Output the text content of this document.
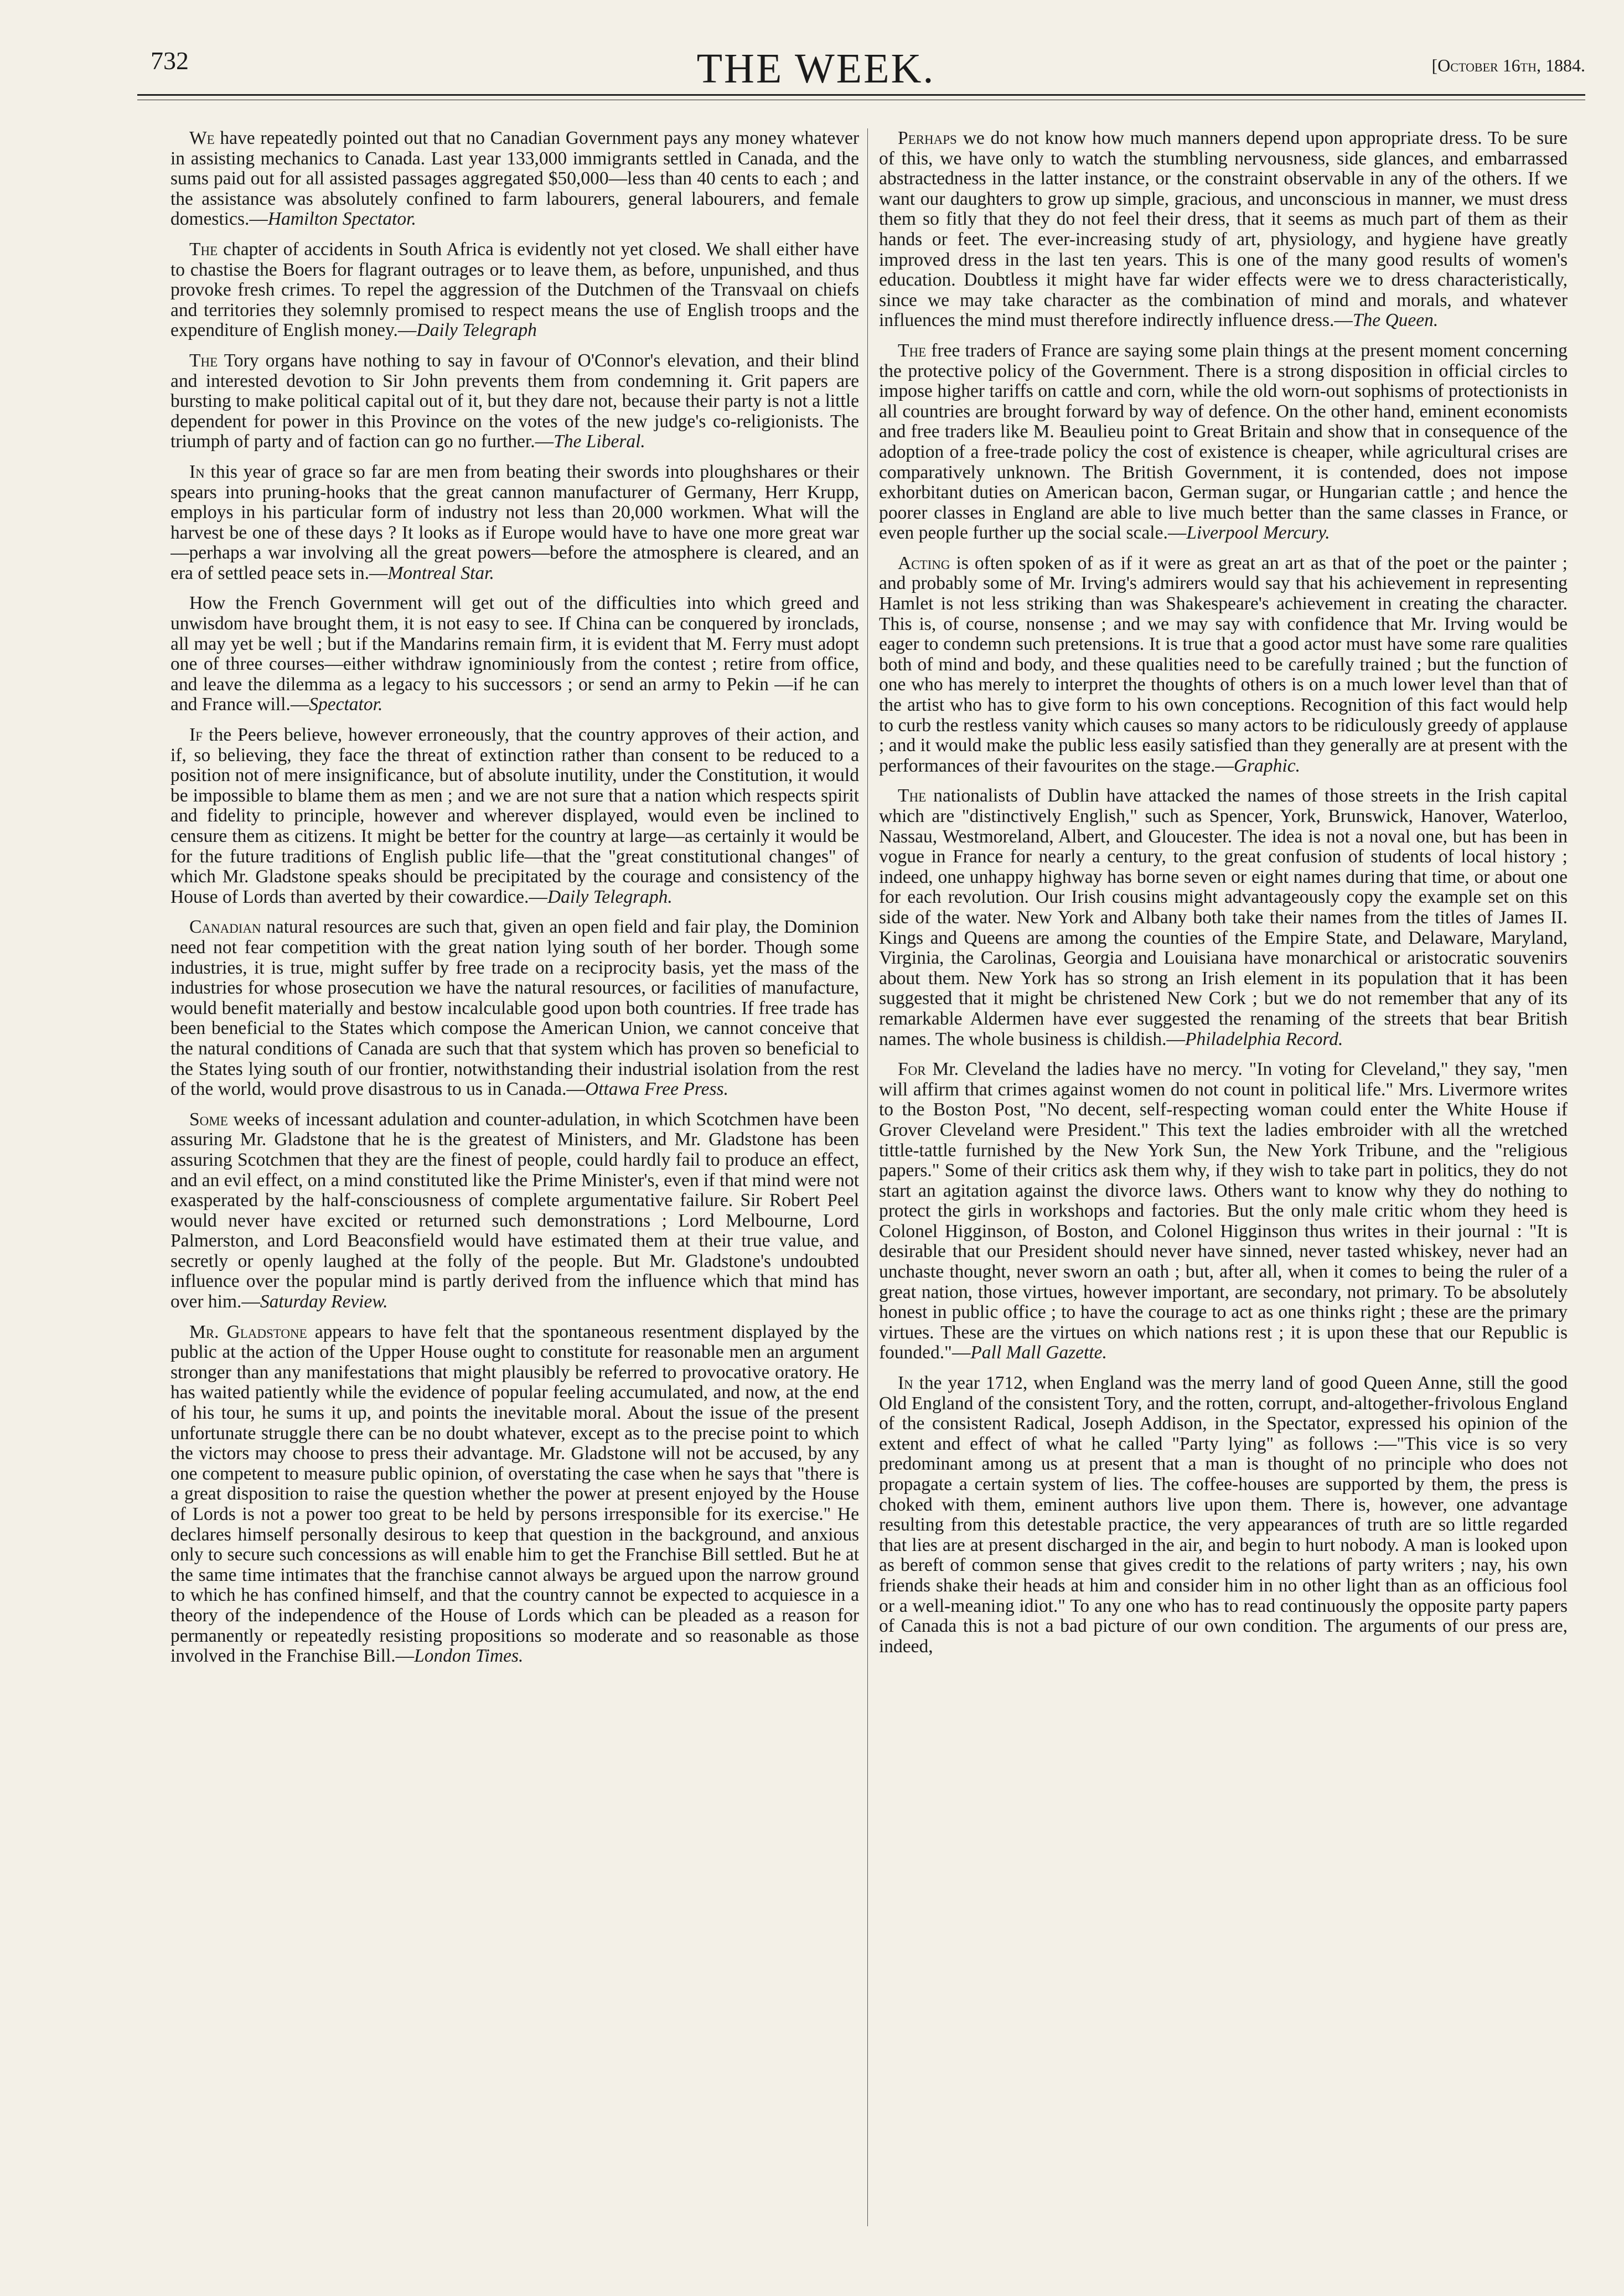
732	THE WEEK.	[October 16th, 1884.

We have repeatedly pointed out that no Canadian Government pays any money whatever in assisting mechanics to Canada. Last year 133,000 immigrants settled in Canada, and the sums paid out for all assisted passages aggregated $50,000—less than 40 cents to each ; and the assistance was absolutely confined to farm labourers, general labourers, and female domestics.—Hamilton Spectator.

The chapter of accidents in South Africa is evidently not yet closed. We shall either have to chastise the Boers for flagrant outrages or to leave them, as before, unpunished, and thus provoke fresh crimes. To repel the aggression of the Dutchmen of the Transvaal on chiefs and territories they solemnly promised to respect means the use of English troops and the expenditure of English money.—Daily Telegraph

The Tory organs have nothing to say in favour of O'Connor's elevation, and their blind and interested devotion to Sir John prevents them from condemning it. Grit papers are bursting to make political capital out of it, but they dare not, because their party is not a little dependent for power in this Province on the votes of the new judge's co-religionists. The triumph of party and of faction can go no further.—The Liberal.

In this year of grace so far are men from beating their swords into ploughshares or their spears into pruning-hooks that the great cannon manufacturer of Germany, Herr Krupp, employs in his particular form of industry not less than 20,000 workmen. What will the harvest be one of these days ? It looks as if Europe would have to have one more great war —perhaps a war involving all the great powers—before the atmosphere is cleared, and an era of settled peace sets in.—Montreal Star.

How the French Government will get out of the difficulties into which greed and unwisdom have brought them, it is not easy to see. If China can be conquered by ironclads, all may yet be well ; but if the Mandarins remain firm, it is evident that M. Ferry must adopt one of three courses—either withdraw ignominiously from the contest ; retire from office, and leave the dilemma as a legacy to his successors ; or send an army to Pekin —if he can and France will.—Spectator.

If the Peers believe, however erroneously, that the country approves of their action, and if, so believing, they face the threat of extinction rather than consent to be reduced to a position not of mere insignificance, but of absolute inutility, under the Constitution, it would be impossible to blame them as men ; and we are not sure that a nation which respects spirit and fidelity to principle, however and wherever displayed, would even be inclined to censure them as citizens. It might be better for the country at large—as certainly it would be for the future traditions of English public life—that the "great constitutional changes" of which Mr. Gladstone speaks should be precipitated by the courage and consistency of the House of Lords than averted by their cowardice.—Daily Telegraph.

Canadian natural resources are such that, given an open field and fair play, the Dominion need not fear competition with the great nation lying south of her border. Though some industries, it is true, might suffer by free trade on a reciprocity basis, yet the mass of the industries for whose prosecution we have the natural resources, or facilities of manufacture, would benefit materially and bestow incalculable good upon both countries. If free trade has been beneficial to the States which compose the American Union, we cannot conceive that the natural conditions of Canada are such that that system which has proven so beneficial to the States lying south of our frontier, notwithstanding their industrial isolation from the rest of the world, would prove disastrous to us in Canada.—Ottawa Free Press.

Some weeks of incessant adulation and counter-adulation, in which Scotchmen have been assuring Mr. Gladstone that he is the greatest of Ministers, and Mr. Gladstone has been assuring Scotchmen that they are the finest of people, could hardly fail to produce an effect, and an evil effect, on a mind constituted like the Prime Minister's, even if that mind were not exasperated by the half-consciousness of complete argumentative failure. Sir Robert Peel would never have excited or returned such demonstrations ; Lord Melbourne, Lord Palmerston, and Lord Beaconsfield would have estimated them at their true value, and secretly or openly laughed at the folly of the people. But Mr. Gladstone's undoubted influence over the popular mind is partly derived from the influence which that mind has over him.—Saturday Review.

Mr. Gladstone appears to have felt that the spontaneous resentment displayed by the public at the action of the Upper House ought to constitute for reasonable men an argument stronger than any manifestations that might plausibly be referred to provocative oratory. He has waited patiently while the evidence of popular feeling accumulated, and now, at the end of his tour, he sums it up, and points the inevitable moral. About the issue of the present unfortunate struggle there can be no doubt whatever, except as to the precise point to which the victors may choose to press their advantage. Mr. Gladstone will not be accused, by any one competent to measure public opinion, of overstating the case when he says that "there is a great disposition to raise the question whether the power at present enjoyed by the House of Lords is not a power too great to be held by persons irresponsible for its exercise." He declares himself personally desirous to keep that question in the background, and anxious only to secure such concessions as will enable him to get the Franchise Bill settled. But he at the same time intimates that the franchise cannot always be argued upon the narrow ground to which he has confined himself, and that the country cannot be expected to acquiesce in a theory of the independence of the House of Lords which can be pleaded as a reason for permanently or repeatedly resisting propositions so moderate and so reasonable as those involved in the Franchise Bill.—London Times.

Perhaps we do not know how much manners depend upon appropriate dress. To be sure of this, we have only to watch the stumbling nervousness, side glances, and embarrassed abstractedness in the latter instance, or the constraint observable in any of the others. If we want our daughters to grow up simple, gracious, and unconscious in manner, we must dress them so fitly that they do not feel their dress, that it seems as much part of them as their hands or feet. The ever-increasing study of art, physiology, and hygiene have greatly improved dress in the last ten years. This is one of the many good results of women's education. Doubtless it might have far wider effects were we to dress characteristically, since we may take character as the combination of mind and morals, and whatever influences the mind must therefore indirectly influence dress.—The Queen.

The free traders of France are saying some plain things at the present moment concerning the protective policy of the Government. There is a strong disposition in official circles to impose higher tariffs on cattle and corn, while the old worn-out sophisms of protectionists in all countries are brought forward by way of defence. On the other hand, eminent economists and free traders like M. Beaulieu point to Great Britain and show that in consequence of the adoption of a free-trade policy the cost of existence is cheaper, while agricultural crises are comparatively unknown. The British Government, it is contended, does not impose exhorbitant duties on American bacon, German sugar, or Hungarian cattle ; and hence the poorer classes in England are able to live much better than the same classes in France, or even people further up the social scale.—Liverpool Mercury.

Acting is often spoken of as if it were as great an art as that of the poet or the painter ; and probably some of Mr. Irving's admirers would say that his achievement in representing Hamlet is not less striking than was Shakespeare's achievement in creating the character. This is, of course, nonsense ; and we may say with confidence that Mr. Irving would be eager to condemn such pretensions. It is true that a good actor must have some rare qualities both of mind and body, and these qualities need to be carefully trained ; but the function of one who has merely to interpret the thoughts of others is on a much lower level than that of the artist who has to give form to his own conceptions. Recognition of this fact would help to curb the restless vanity which causes so many actors to be ridiculously greedy of applause ; and it would make the public less easily satisfied than they generally are at present with the performances of their favourites on the stage.—Graphic.

The nationalists of Dublin have attacked the names of those streets in the Irish capital which are "distinctively English," such as Spencer, York, Brunswick, Hanover, Waterloo, Nassau, Westmoreland, Albert, and Gloucester. The idea is not a noval one, but has been in vogue in France for nearly a century, to the great confusion of students of local history ; indeed, one unhappy highway has borne seven or eight names during that time, or about one for each revolution. Our Irish cousins might advantageously copy the example set on this side of the water. New York and Albany both take their names from the titles of James II. Kings and Queens are among the counties of the Empire State, and Delaware, Maryland, Virginia, the Carolinas, Georgia and Louisiana have monarchical or aristocratic souvenirs about them. New York has so strong an Irish element in its population that it has been suggested that it might be christened New Cork ; but we do not remember that any of its remarkable Aldermen have ever suggested the renaming of the streets that bear British names. The whole business is childish.—Philadelphia Record.

For Mr. Cleveland the ladies have no mercy. "In voting for Cleveland," they say, "men will affirm that crimes against women do not count in political life." Mrs. Livermore writes to the Boston Post, "No decent, self-respecting woman could enter the White House if Grover Cleveland were President." This text the ladies embroider with all the wretched tittle-tattle furnished by the New York Sun, the New York Tribune, and the "religious papers." Some of their critics ask them why, if they wish to take part in politics, they do not start an agitation against the divorce laws. Others want to know why they do nothing to protect the girls in workshops and factories. But the only male critic whom they heed is Colonel Higginson, of Boston, and Colonel Higginson thus writes in their journal : "It is desirable that our President should never have sinned, never tasted whiskey, never had an unchaste thought, never sworn an oath ; but, after all, when it comes to being the ruler of a great nation, those virtues, however important, are secondary, not primary. To be absolutely honest in public office ; to have the courage to act as one thinks right ; these are the primary virtues. These are the virtues on which nations rest ; it is upon these that our Republic is founded."—Pall Mall Gazette.

In the year 1712, when England was the merry land of good Queen Anne, still the good Old England of the consistent Tory, and the rotten, corrupt, and-altogether-frivolous England of the consistent Radical, Joseph Addison, in the Spectator, expressed his opinion of the extent and effect of what he called "Party lying" as follows :—"This vice is so very predominant among us at present that a man is thought of no principle who does not propagate a certain system of lies. The coffee-houses are supported by them, the press is choked with them, eminent authors live upon them. There is, however, one advantage resulting from this detestable practice, the very appearances of truth are so little regarded that lies are at present discharged in the air, and begin to hurt nobody. A man is looked upon as bereft of common sense that gives credit to the relations of party writers ; nay, his own friends shake their heads at him and consider him in no other light than as an officious fool or a well-meaning idiot." To any one who has to read continuously the opposite party papers of Canada this is not a bad picture of our own condition. The arguments of our press are, indeed,
